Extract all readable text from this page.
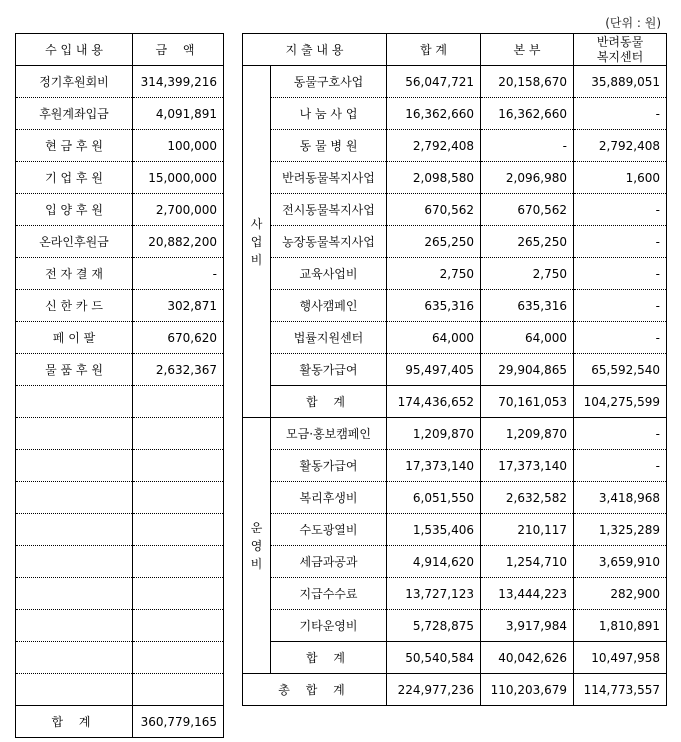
(단위 : 원)
수 입 내 용	금 액
정기후원회비	314,399,216
후원계좌입금	4,091,891
현 금 후 원	100,000
기 업 후 원	15,000,000
입 양 후 원	2,700,000
온라인후원금	20,882,200
전 자 결 재	-
신 한 카 드	302,871
페 이 팔	670,620
물 품 후 원	2,632,367

합 계	360,779,165
지 출 내 용		합 계	본 부	반려동물
복지센터

사업비	동물구호사업	56,047,721	20,158,670	35,889,051
	나 눔 사 업	16,362,660	16,362,660	-
	동 물 병 원	2,792,408	-	2,792,408
	반려동물복지사업	2,098,580	2,096,980	1,600
	전시동물복지사업	670,562	670,562	-
	농장동물복지사업	265,250	265,250	-
	교육사업비	2,750	2,750	-
	행사캠페인	635,316	635,316	-
	법률지원센터	64,000	64,000	-
	활동가급여	95,497,405	29,904,865	65,592,540
	합 계	174,436,652	70,161,053	104,275,599
운영비	모금·홍보캠페인	1,209,870	1,209,870	-
	활동가급여	17,373,140	17,373,140	-
	복리후생비	6,051,550	2,632,582	3,418,968
	수도광열비	1,535,406	210,117	1,325,289
	세금과공과	4,914,620	1,254,710	3,659,910
	지급수수료	13,727,123	13,444,223	282,900
	기타운영비	5,728,875	3,917,984	1,810,891
	합 계	50,540,584	40,042,626	10,497,958
총 합 계		224,977,236	110,203,679	114,773,557
